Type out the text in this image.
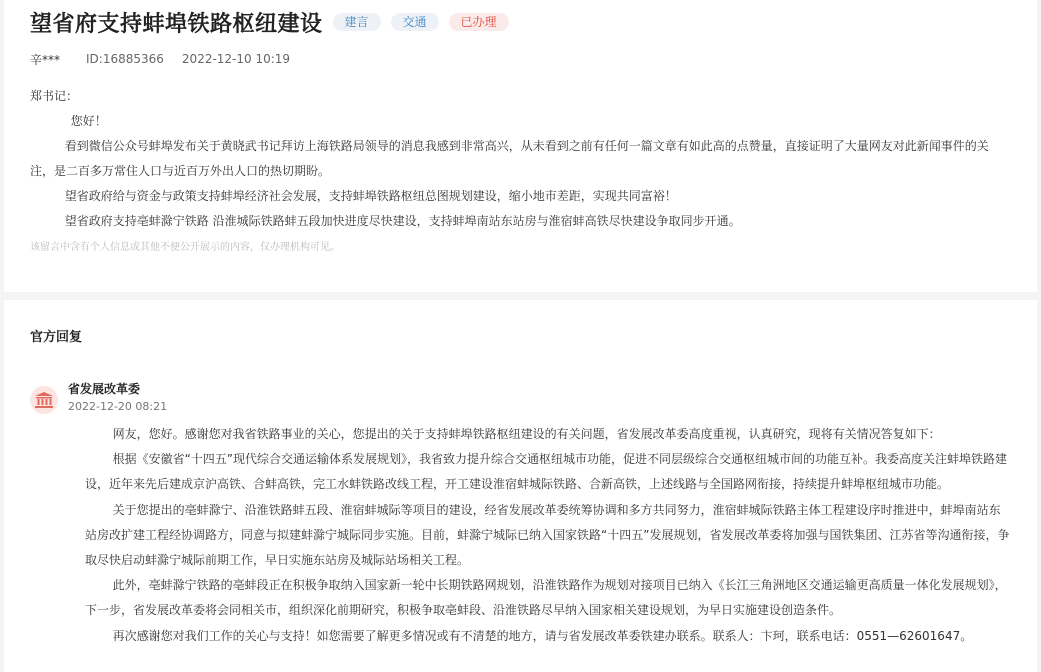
望省府支持蚌埠铁路枢纽建设	建言	交通	已办理
辛*** ID:16885366 2022-12-10 10:19

郑书记：

您好！

看到微信公众号蚌埠发布关于黄晓武书记拜访上海铁路局领导的消息我感到非常高兴，从未看到之前有任何一篇文章有如此高的点赞量，直接证明了大量网友对此新闻事件的关注，是二百多万常住人口与近百万外出人口的热切期盼。

望省政府给与资金与政策支持蚌埠经济社会发展，支持蚌埠铁路枢纽总图规划建设，缩小地市差距，实现共同富裕！

望省政府支持亳蚌滁宁铁路 沿淮城际铁路蚌五段加快进度尽快建设，支持蚌埠南站东站房与淮宿蚌高铁尽快建设争取同步开通。

该留言中含有个人信息或其他不便公开展示的内容，仅办理机构可见。
官方回复
省发展改革委
2022-12-20 08:21

网友，您好。感谢您对我省铁路事业的关心，您提出的关于支持蚌埠铁路枢纽建设的有关问题，省发展改革委高度重视，认真研究，现将有关情况答复如下：

根据《安徽省“十四五”现代综合交通运输体系发展规划》，我省致力提升综合交通枢纽城市功能，促进不同层级综合交通枢纽城市间的功能互补。我委高度关注蚌埠铁路建设，近年来先后建成京沪高铁、合蚌高铁，完工水蚌铁路改线工程，开工建设淮宿蚌城际铁路、合新高铁，上述线路与全国路网衔接，持续提升蚌埠枢纽城市功能。

关于您提出的亳蚌滁宁、沿淮铁路蚌五段、淮宿蚌城际等项目的建设，经省发展改革委统筹协调和多方共同努力，淮宿蚌城际铁路主体工程建设序时推进中，蚌埠南站东站房改扩建工程经协调路方，同意与拟建蚌滁宁城际同步实施。目前，蚌滁宁城际已纳入国家铁路“十四五”发展规划，省发展改革委将加强与国铁集团、江苏省等沟通衔接，争取尽快启动蚌滁宁城际前期工作，早日实施东站房及城际站场相关工程。

此外，亳蚌滁宁铁路的亳蚌段正在积极争取纳入国家新一轮中长期铁路网规划，沿淮铁路作为规划对接项目已纳入《长江三角洲地区交通运输更高质量一体化发展规划》，下一步，省发展改革委将会同相关市，组织深化前期研究，积极争取亳蚌段、沿淮铁路尽早纳入国家相关建设规划，为早日实施建设创造条件。

再次感谢您对我们工作的关心与支持！如您需要了解更多情况或有不清楚的地方，请与省发展改革委铁建办联系。联系人：卞珂，联系电话：0551—62601647。
